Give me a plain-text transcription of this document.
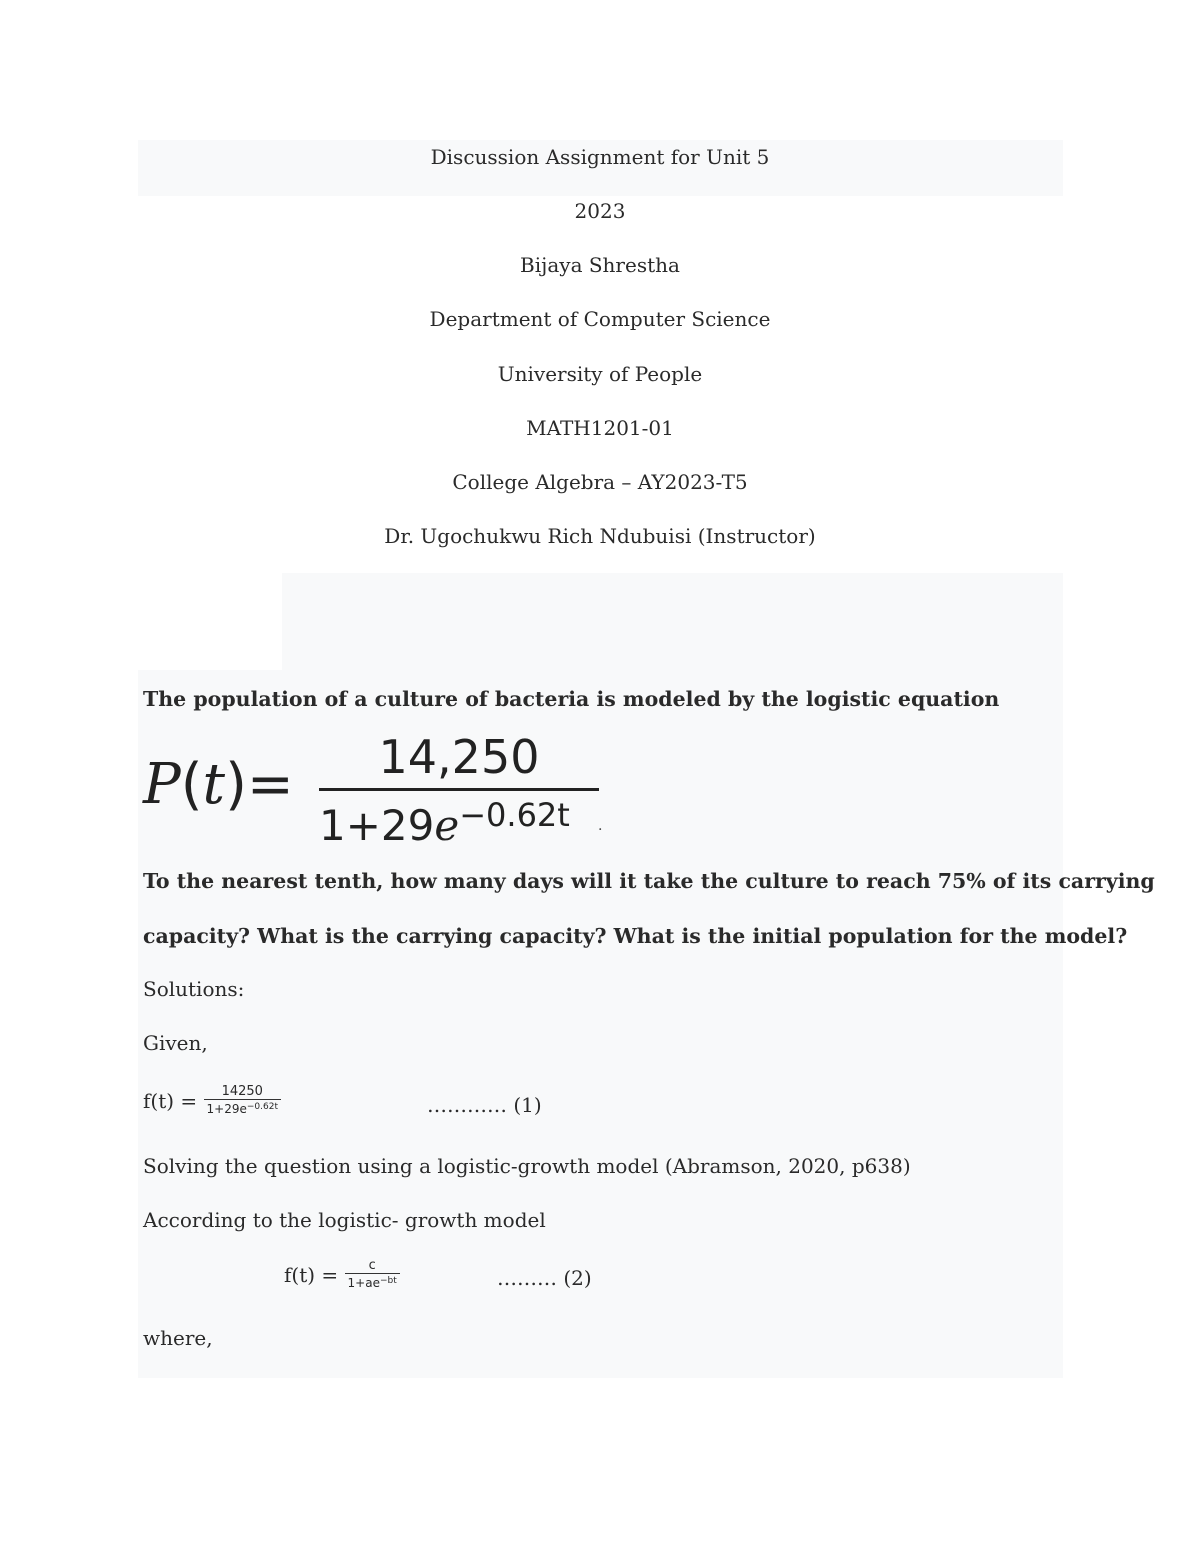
Discussion Assignment for Unit 5
2023
Bijaya Shrestha
Department of Computer Science
University of People
MATH1201-01
College Algebra – AY2023-T5
Dr. Ugochukwu Rich Ndubuisi (Instructor)
The population of a culture of bacteria is modeled by the logistic equation
P(t)=	14,250
$1+29e^{-0.62t}$	.
To the nearest tenth, how many days will it take the culture to reach 75% of its carrying
capacity? What is the carrying capacity? What is the initial population for the model?
Solutions:
Given,
$f(t) = \frac{14250}{1+29e^{-0.62t}}$	………… (1)
Solving the question using a logistic-growth model (Abramson, 2020, p638)
According to the logistic- growth model
$f(t) = \frac{c}{1+ae^{-bt}}$	……… (2)
where,
